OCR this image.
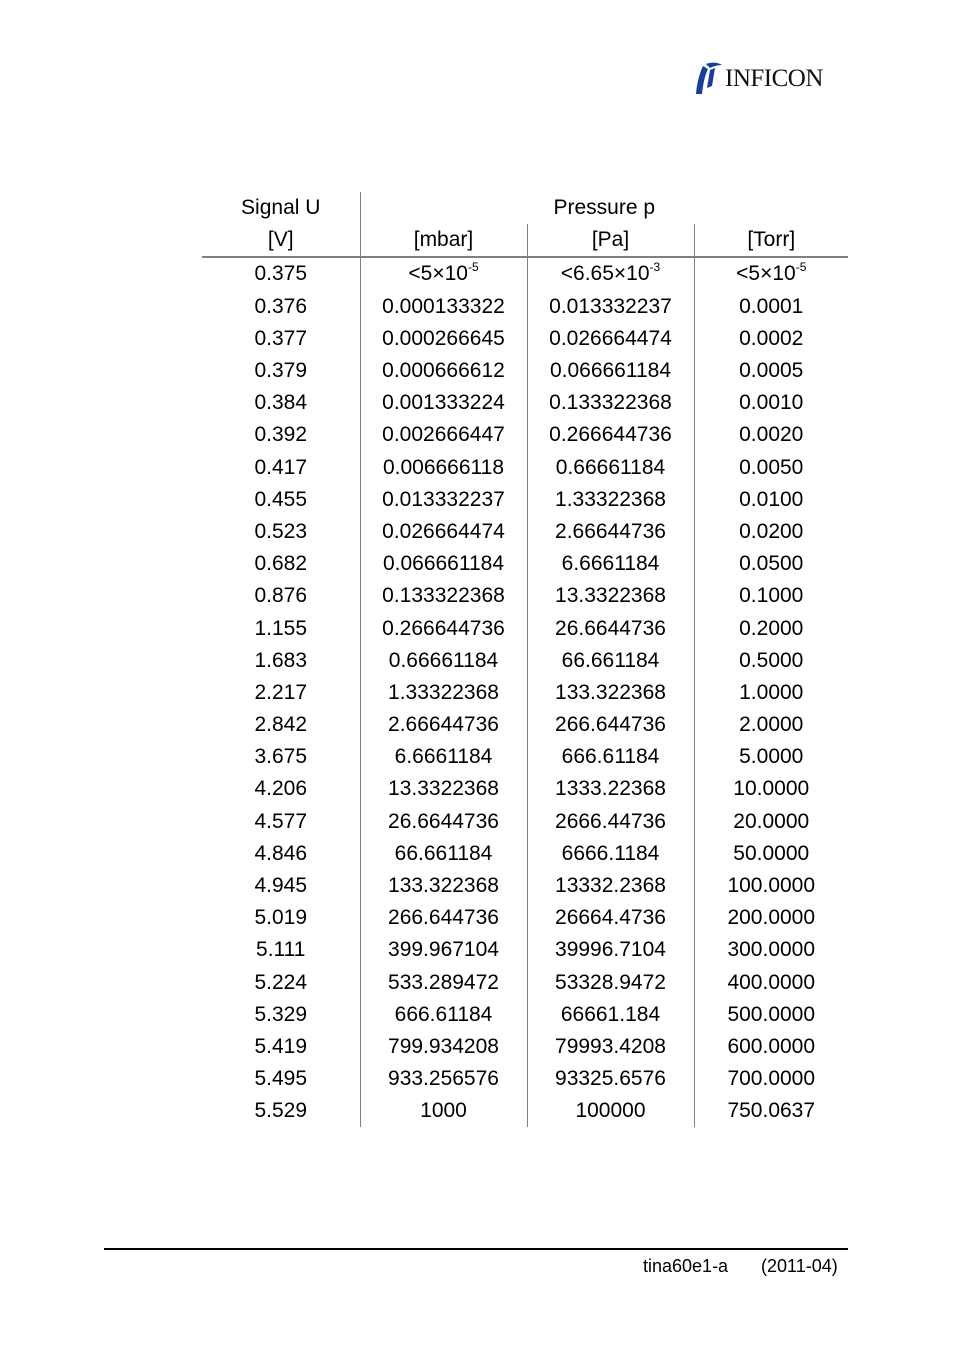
INFICON
Signal U	Pressure p		
[V]	[mbar]	[Pa]	[Torr]
0.375	$<5\times 10^{-5}$	$<6.65\times 10^{-3}$	$<5\times 10^{-5}$
0.376	0.000133322	0.013332237	0.0001
0.377	0.000266645	0.026664474	0.0002
0.379	0.000666612	0.066661184	0.0005
0.384	0.001333224	0.133322368	0.0010
0.392	0.002666447	0.266644736	0.0020
0.417	0.006666118	0.66661184	0.0050
0.455	0.013332237	1.33322368	0.0100
0.523	0.026664474	2.66644736	0.0200
0.682	0.066661184	6.6661184	0.0500
0.876	0.133322368	13.3322368	0.1000
1.155	0.266644736	26.6644736	0.2000
1.683	0.66661184	66.661184	0.5000
2.217	1.33322368	133.322368	1.0000
2.842	2.66644736	266.644736	2.0000
3.675	6.6661184	666.61184	5.0000
4.206	13.3322368	1333.22368	10.0000
4.577	26.6644736	2666.44736	20.0000
4.846	66.661184	6666.1184	50.0000
4.945	133.322368	13332.2368	100.0000
5.019	266.644736	26664.4736	200.0000
5.111	399.967104	39996.7104	300.0000
5.224	533.289472	53328.9472	400.0000
5.329	666.61184	66661.184	500.0000
5.419	799.934208	79993.4208	600.0000
5.495	933.256576	93325.6576	700.0000
5.529	1000	100000	750.0637
tina60e1-a (2011-04)
